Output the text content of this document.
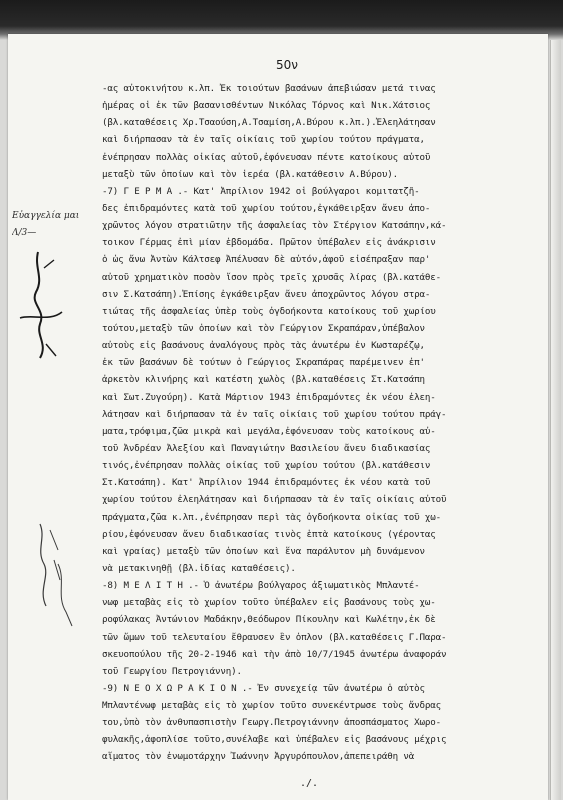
50ν
Εὐαγγελία μαι
Λ/3—
-ας αὐτοκινήτου κ.λπ. Ἐκ τοιούτων βασάνων ἀπεβιώσαν μετά τινας
ἡμέρας οἱ ἐκ τῶν βασανισθέντων Νικόλας Τόρνος καὶ Νικ.Χάτσιος
(βλ.καταθέσεις Χρ.Τσαούση,Α.Τσαμίση,Α.Βύρου κ.λπ.).Ἐλεηλάτησαν
καὶ διήρπασαν τὰ ἐν ταῖς οἰκίαις τοῦ χωρίου τούτου πράγματα,
ἐνέπρησαν πολλὰς οἰκίας αὐτοῦ,ἐφόνευσαν πέντε κατοίκους αὐτοῦ
μεταξὺ τῶν ὁποίων καὶ τὸν ἱερέα (βλ.κατάθεσιν Α.Βύρου).
-7) Γ Ε Ρ Μ Α .- Κατ' Ἀπρίλιον 1942 οἱ βούλγαροι κομιτατζῆ-
δες ἐπιδραμόντες κατὰ τοῦ χωρίου τούτου,ἐγκάθειρξαν ἄνευ ἀπο-
χρῶντος λόγου στρατιῶτην τῆς ἀσφαλείας τὸν Στέργιον Κατσάπην,κά-
τοικον Γέρμας ἐπὶ μίαν ἑβδομάδα. Πρῶτον ὑπέβαλεν εἰς ἀνάκρισιν
ὁ ὡς ἄνω Ἀντὼν Κάλτσεφ Ἀπέλυσαν δὲ αὐτόν,ἀφοῦ εἰσέπραξαν παρ'
αὐτοῦ χρηματικὸν ποσὸν ἴσον πρὸς τρεῖς χρυσᾶς λίρας (βλ.κατάθε-
σιν Σ.Κατσάπη).Ἐπίσης ἐγκάθειρξαν ἄνευ ἀποχρῶντος λόγου στρα-
τιώτας τῆς ἀσφαλείας ὑπὲρ τοὺς ὀγδοήκοντα κατοίκους τοῦ χωρίου
τούτου,μεταξὺ τῶν ὁποίων καὶ τὸν Γεώργιον Σκραπάραν,ὑπέβαλον
αὐτοὺς εἰς βασάνους ἀναλόγους πρὸς τὰς ἀνωτέρω ἐν Κωσταρέζῳ,
ἐκ τῶν βασάνων δὲ τούτων ὁ Γεώργιος Σκραπάρας παρέμεινεν ἐπ'
ἀρκετὸν κλινήρης καὶ κατέστη χωλὸς (βλ.καταθέσεις Στ.Κατσάπη
καὶ Σωτ.Ζυγούρη). Κατὰ Μάρτιον 1943 ἐπιδραμόντες ἐκ νέου ἐλεη-
λάτησαν καὶ διήρπασαν τὰ ἐν ταῖς οἰκίαις τοῦ χωρίου τούτου πράγ-
ματα,τρόφιμα,ζῶα μικρὰ καὶ μεγάλα,ἐφόνευσαν τοὺς κατοίκους αὐ-
τοῦ Ἀνδρέαν Ἀλεξίου καὶ Παναγιώτην Βασιλείου ἄνευ διαδικασίας
τινός,ἐνέπρησαν πολλὰς οἰκίας τοῦ χωρίου τούτου (βλ.κατάθεσιν
Στ.Κατσάπη). Κατ' Ἀπρίλιον 1944 ἐπιδραμόντες ἐκ νέου κατὰ τοῦ
χωρίου τούτου ἐλεηλάτησαν καὶ διήρπασαν τὰ ἐν ταῖς οἰκίαις αὐτοῦ
πράγματα,ζῶα κ.λπ.,ἐνέπρησαν περὶ τὰς ὀγδοήκοντα οἰκίας τοῦ χω-
ρίου,ἐφόνευσαν ἄνευ διαδικασίας τινὸς ἑπτὰ κατοίκους (γέροντας
καὶ γραίας) μεταξὺ τῶν ὁποίων καὶ ἕνα παράλυτον μὴ δυνάμενον
νὰ μετακινηθῇ (βλ.ἰδίας καταθέσεις).
-8) Μ Ε Λ Ι Τ Η .- Ὁ ἀνωτέρω βούλγαρος ἀξιωματικὸς Μπλαντέ-
νωφ μεταβὰς εἰς τὸ χωρίον τοῦτο ὑπέβαλεν εἰς βασάνους τοὺς χω-
ροφύλακας Ἀντώνιον Μαδάκην,Θεόδωρον Πίκουλην καὶ Κωλέτην,ἐκ δὲ
τῶν ὤμων τοῦ τελευταίου ἔθραυσεν ἓν ὀπλον (βλ.καταθέσεις Γ.Παρα-
σκευοπούλου τῆς 20-2-1946 καὶ τὴν ἀπὸ 10/7/1945 ἀνωτέρω ἀναφοράν
τοῦ Γεωργίου Πετρογιάννη).
-9) Ν Ε Ο Χ Ω Ρ Α Κ Ι Ο Ν .- Ἐν συνεχείᾳ τῶν ἀνωτέρω ὁ αὐτὸς
Μπλαντένωφ μεταβὰς εἰς τὸ χωρίον τοῦτο συνεκέντρωσε τοὺς ἄνδρας
του,ὑπὸ τὸν ἀνθυπασπιστὴν Γεωργ.Πετρογιάννην ἀποσπάσματος Χωρο-
φυλακῆς,ἀφοπλίσε τοῦτο,συνέλαβε καὶ ὑπέβαλεν εἰς βασάνους μέχρις
αἵματος τὸν ἐνωμοτάρχην Ἰωάννην Ἀργυρόπουλον,ἀπεπειράθη νὰ
./.
